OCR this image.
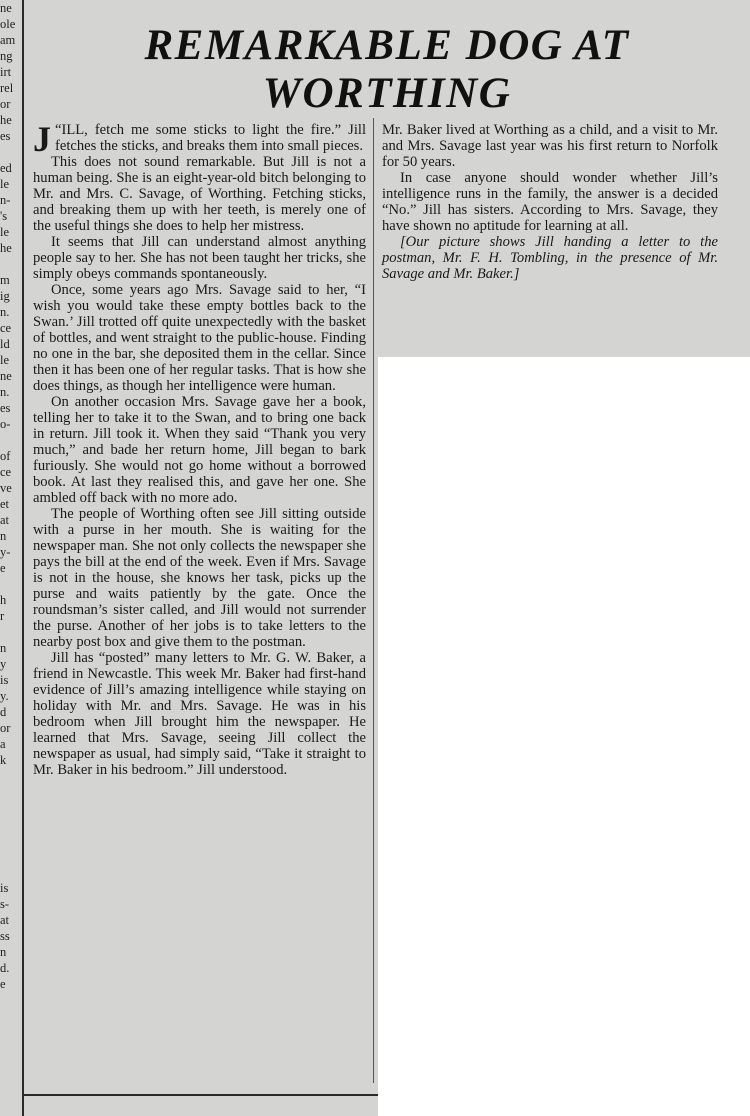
ne
ole
am
ng
irt
rel
or
he
es

ed
le
n-
's
le
he

m
ig
n.
ce
ld
le
ne
n.
es
o-

of
ce
ve
et
at
n
y-
e

h
r

n
y
is
y.
d
or
a
k

is
s-
at
ss
n
d.
e
REMARKABLE DOG AT
WORTHING

J “ILL, fetch me some sticks to light the fire.” Jill fetches the sticks, and breaks them into small pieces.

This does not sound remarkable. But Jill is not a human being. She is an eight-year-old bitch belonging to Mr. and Mrs. C. Savage, of Worthing. Fetching sticks, and breaking them up with her teeth, is merely one of the useful things she does to help her mistress.

It seems that Jill can understand almost anything people say to her. She has not been taught her tricks, she simply obeys commands spontaneously.

Once, some years ago Mrs. Savage said to her, “I wish you would take these empty bottles back to the Swan.’ Jill trotted off quite unexpectedly with the basket of bottles, and went straight to the public-house. Finding no one in the bar, she deposited them in the cellar. Since then it has been one of her regular tasks. That is how she does things, as though her intelligence were human.

On another occasion Mrs. Savage gave her a book, telling her to take it to the Swan, and to bring one back in return. Jill took it. When they said “Thank you very much,” and bade her return home, Jill began to bark furiously. She would not go home without a borrowed book. At last they realised this, and gave her one. She ambled off back with no more ado.

The people of Worthing often see Jill sitting outside with a purse in her mouth. She is waiting for the newspaper man. She not only collects the newspaper she pays the bill at the end of the week. Even if Mrs. Savage is not in the house, she knows her task, picks up the purse and waits patiently by the gate. Once the roundsman’s sister called, and Jill would not surrender the purse. Another of her jobs is to take letters to the nearby post box and give them to the postman.

Jill has “posted” many letters to Mr. G. W. Baker, a friend in Newcastle. This week Mr. Baker had first-hand evidence of Jill’s amazing intelligence while staying on holiday with Mr. and Mrs. Savage. He was in his bedroom when Jill brought him the newspaper. He learned that Mrs. Savage, seeing Jill collect the newspaper as usual, had simply said, “Take it straight to Mr. Baker in his bedroom.” Jill understood.

Mr. Baker lived at Worthing as a child, and a visit to Mr. and Mrs. Savage last year was his first return to Norfolk for 50 years.

In case anyone should wonder whether Jill’s intelligence runs in the family, the answer is a decided “No.” Jill has sisters. According to Mrs. Savage, they have shown no aptitude for learning at all.

[Our picture shows Jill handing a letter to the postman, Mr. F. H. Tombling, in the presence of Mr. Savage and Mr. Baker.]
